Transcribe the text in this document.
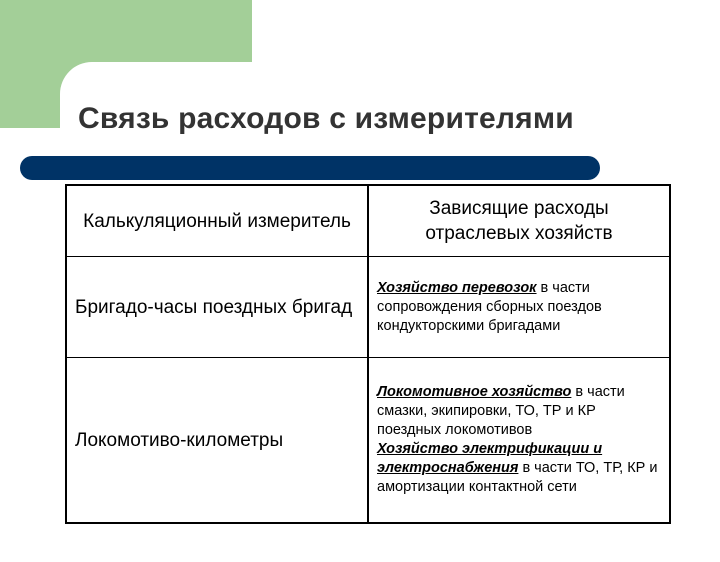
Связь расходов с измерителями
Калькуляционный измеритель	Зависящие расходы отраслевых хозяйств
Бригадо-часы поездных бригад	Хозяйство перевозок в части сопровождения сборных поездов кондукторскими бригадами

Локомотиво-километры	Локомотивное хозяйство в части смазки, экипировки, ТО, ТР и КР поездных локомотивов
Хозяйство электрификации и электроснабжения в части ТО, ТР, КР и амортизации контактной сети
